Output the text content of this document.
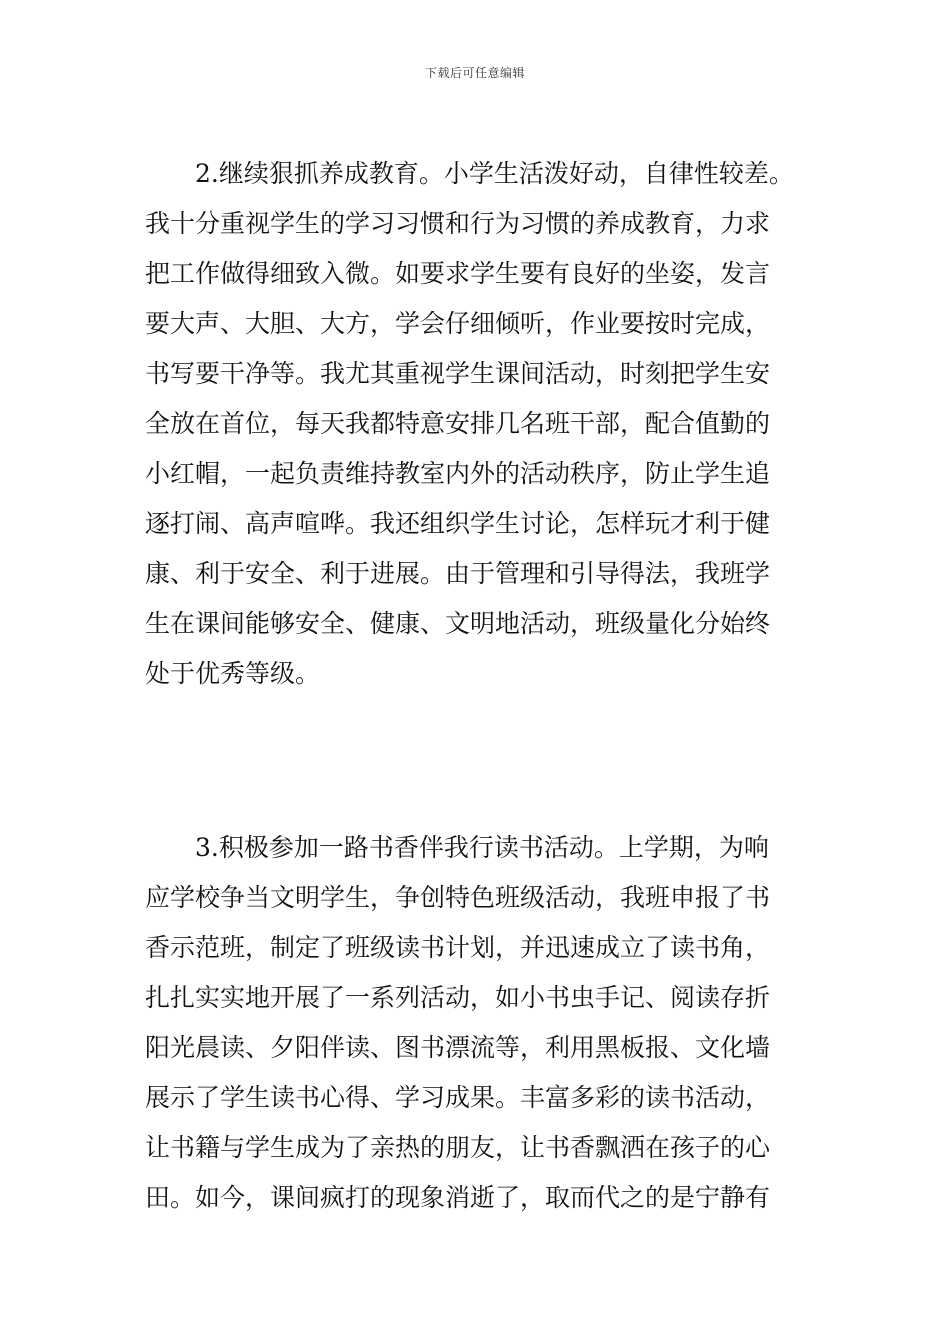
下载后可任意编辑
2.继续狠抓养成教育。小学生活泼好动，自律性较差。
我十分重视学生的学习习惯和行为习惯的养成教育，力求
把工作做得细致入微。如要求学生要有良好的坐姿，发言
要大声、大胆、大方，学会仔细倾听，作业要按时完成，
书写要干净等。我尤其重视学生课间活动，时刻把学生安
全放在首位，每天我都特意安排几名班干部，配合值勤的
小红帽，一起负责维持教室内外的活动秩序，防止学生追
逐打闹、高声喧哗。我还组织学生讨论，怎样玩才利于健
康、利于安全、利于进展。由于管理和引导得法，我班学
生在课间能够安全、健康、文明地活动，班级量化分始终
处于优秀等级。
3.积极参加一路书香伴我行读书活动。上学期，为响
应学校争当文明学生，争创特色班级活动，我班申报了书
香示范班，制定了班级读书计划，并迅速成立了读书角，
扎扎实实地开展了一系列活动，如小书虫手记、阅读存折
阳光晨读、夕阳伴读、图书漂流等，利用黑板报、文化墙
展示了学生读书心得、学习成果。丰富多彩的读书活动，
让书籍与学生成为了亲热的朋友，让书香飘洒在孩子的心
田。如今，课间疯打的现象消逝了，取而代之的是宁静有
